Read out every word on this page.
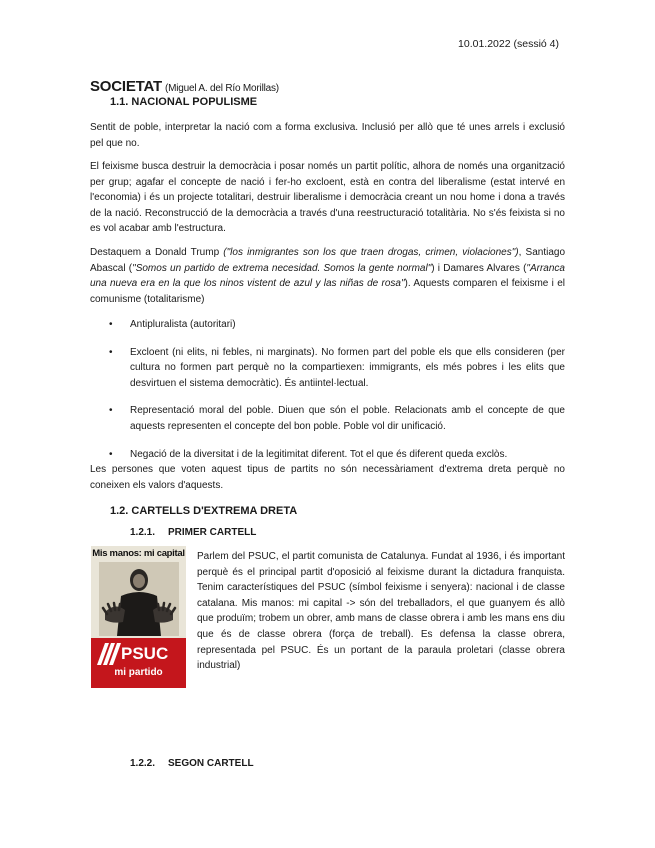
10.01.2022 (sessió 4)
SOCIETAT (Miguel A. del Río Morillas)
1.1. NACIONAL POPULISME

Sentit de poble, interpretar la nació com a forma exclusiva. Inclusió per allò que té unes arrels i exclusió pel que no.

El feixisme busca destruir la democràcia i posar només un partit polític, alhora de només una organització per grup; agafar el concepte de nació i fer-ho excloent, està en contra del liberalisme (estat intervé en l'economia) i és un projecte totalitari, destruir liberalisme i democràcia creant un nou home i dona a través de la nació. Reconstrucció de la democràcia a través d'una reestructuració totalitària. No s'és feixista si no es vol acabar amb l'estructura.

Destaquem a Donald Trump ("los inmigrantes son los que traen drogas, crimen, violaciones"), Santiago Abascal ("Somos un partido de extrema necesidad. Somos la gente normal") i Damares Alvares ("Arranca una nueva era en la que los ninos vistent de azul y las niñas de rosa"). Aquests comparen el feixisme i el comunisme (totalitarisme)

• Antipluralista (autoritari)
• Excloent (ni elits, ni febles, ni marginats). No formen part del poble els que ells consideren (per cultura no formen part perquè no la compartiexen: immigrants, els més pobres i les elits que desvirtuen el sistema democràtic). És antiintel·lectual.
• Representació moral del poble. Diuen que són el poble. Relacionats amb el concepte de que aquests representen el concepte del bon poble. Poble vol dir unificació.
• Negació de la diversitat i de la legitimitat diferent. Tot el que és diferent queda exclòs.

Les persones que voten aquest tipus de partits no són necessàriament d'extrema dreta perquè no coneixen els valors d'aquests.

1.2. CARTELLS D'EXTREMA DRETA
1.2.1. PRIMER CARTELL
Mis manos: mi capital
PSUC
mi partido

Parlem del PSUC, el partit comunista de Catalunya. Fundat al 1936, i és important perquè és el principal partit d'oposició al feixisme durant la dictadura franquista. Tenim característiques del PSUC (símbol feixisme i senyera): nacional i de classe catalana. Mis manos: mi capital -> són del treballadors, el que guanyem és allò que produïm; trobem un obrer, amb mans de classe obrera i amb les mans ens diu que és de classe obrera (força de treball). Es defensa la classe obrera, representada pel PSUC. És un portant de la paraula proletari (classe obrera industrial)

1.2.2. SEGON CARTELL
